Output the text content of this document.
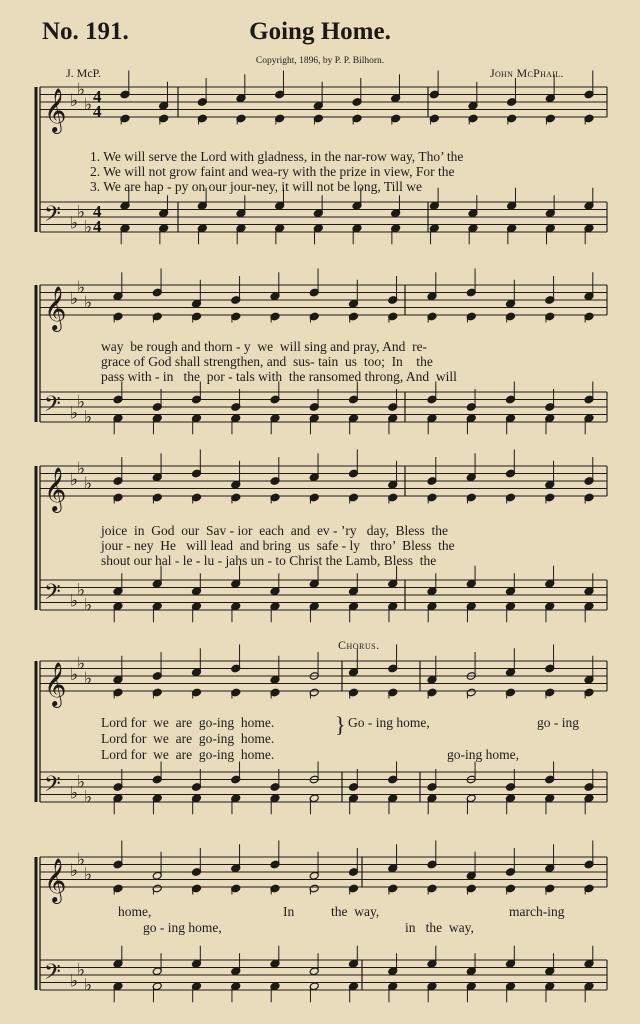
No. 191.	Going Home.
Copyright, 1896, by P. P. Bilhorn.
J. McP.	John McPhail.
𝄞
𝄢
♭
♭
♭
♭
♭
♭
4
4
4
4
𝄞
𝄢
♭
♭
♭
♭
♭
♭
𝄞
𝄢
♭
♭
♭
♭
♭
♭
𝄞
𝄢
♭
♭
♭
♭
♭
♭
𝄞
𝄢
♭
♭
♭
♭
♭
♭
1. We will serve the Lord with gladness, in the nar-row way, Tho’ the
2. We will not grow faint and wea-ry with the prize in view, For the
3. We are hap - py on our jour-ney, it will not be long, Till we
way  be rough and thorn - y  we  will sing and pray, And  re-
grace of God shall strengthen, and  sus- tain  us  too;  In    the
pass with - in   the  por - tals with  the ransomed throng, And  will
joice  in  God  our  Sav - ior  each  and  ev - ’ry   day,  Bless  the
jour - ney  He   will lead  and bring  us  safe - ly   thro’  Bless  the
shout our hal - le - lu - jahs un - to Christ the Lamb, Bless  the
Chorus.
Lord for  we  are  go-ing  home.
Lord for  we  are  go-ing  home.
Lord for  we  are  go-ing  home.
} Go - ing home,	go - ing
go-ing home,
home,	In	the  way,	march-ing
go - ing home,	in   the  way,
